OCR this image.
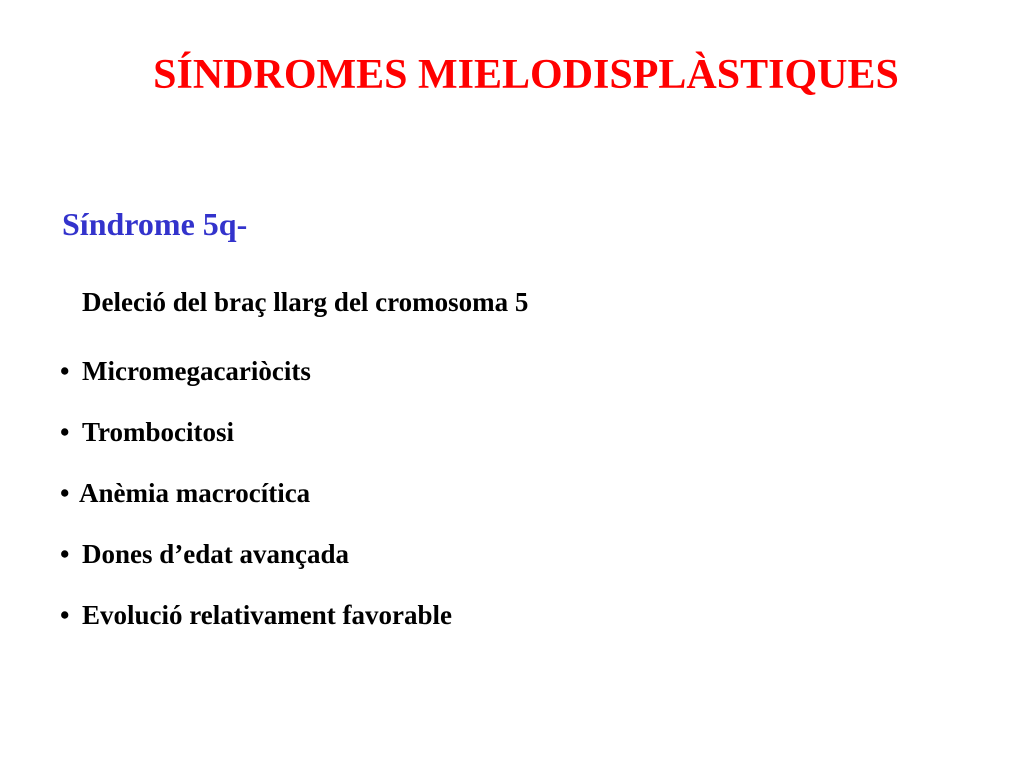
SÍNDROMES MIELODISPLÀSTIQUES
Síndrome 5q-
Deleció del braç llarg del cromosoma 5
• Micromegacariòcits
• Trombocitosi
• Anèmia macrocítica
• Dones d’edat avançada
• Evolució relativament favorable
